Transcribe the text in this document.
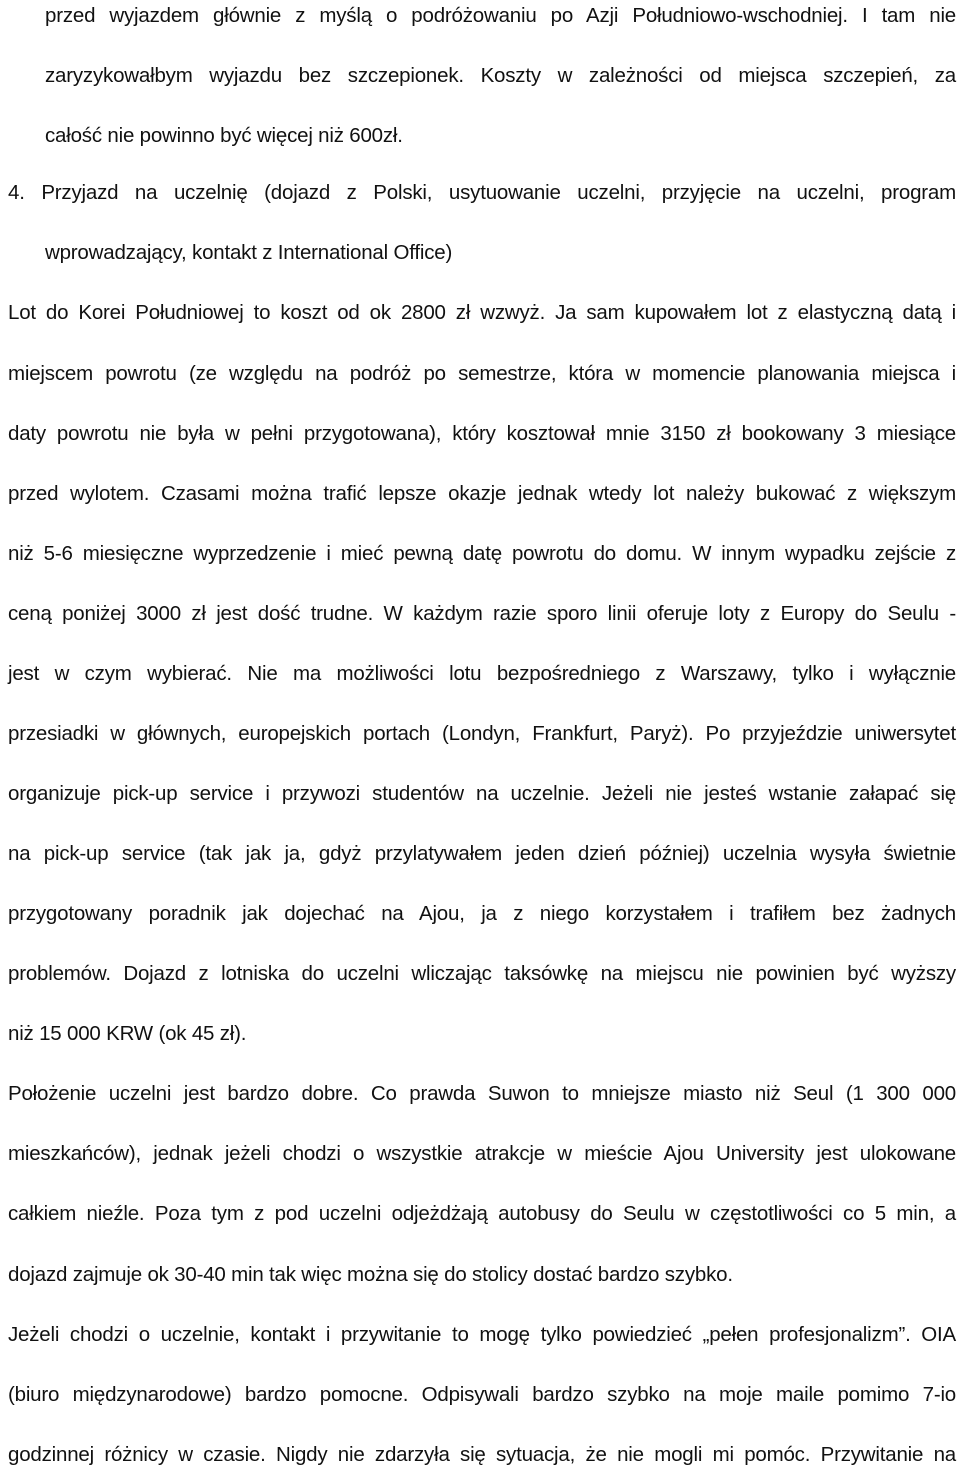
przed wyjazdem głównie z myślą o podróżowaniu po Azji Południowo-wschodniej. I tam nie
zaryzykowałbym wyjazdu bez szczepionek. Koszty w zależności od miejsca szczepień, za
całość nie powinno być więcej niż 600zł.
4. Przyjazd na uczelnię (dojazd z Polski, usytuowanie uczelni, przyjęcie na uczelni, program
wprowadzający, kontakt z International Office)
Lot do Korei Południowej to koszt od ok 2800 zł wzwyż. Ja sam kupowałem lot z elastyczną datą i
miejscem powrotu (ze względu na podróż po semestrze, która w momencie planowania miejsca i
daty powrotu nie była w pełni przygotowana), który kosztował mnie 3150 zł bookowany 3 miesiące
przed wylotem. Czasami można trafić lepsze okazje jednak wtedy lot należy bukować z większym
niż 5-6 miesięczne wyprzedzenie i mieć pewną datę powrotu do domu. W innym wypadku zejście z
ceną poniżej 3000 zł jest dość trudne. W każdym razie sporo linii oferuje loty z Europy do Seulu -
jest w czym wybierać. Nie ma możliwości lotu bezpośredniego z Warszawy, tylko i wyłącznie
przesiadki w głównych, europejskich portach (Londyn, Frankfurt, Paryż). Po przyjeździe uniwersytet
organizuje pick-up service i przywozi studentów na uczelnie. Jeżeli nie jesteś wstanie załapać się
na pick-up service (tak jak ja, gdyż przylatywałem jeden dzień później) uczelnia wysyła świetnie
przygotowany poradnik jak dojechać na Ajou, ja z niego korzystałem i trafiłem bez żadnych
problemów. Dojazd z lotniska do uczelni wliczając taksówkę na miejscu nie powinien być wyższy
niż 15 000 KRW (ok 45 zł).
Położenie uczelni jest bardzo dobre. Co prawda Suwon to mniejsze miasto niż Seul (1 300 000
mieszkańców), jednak jeżeli chodzi o wszystkie atrakcje w mieście Ajou University jest ulokowane
całkiem nieźle. Poza tym z pod uczelni odjeżdżają autobusy do Seulu w częstotliwości co 5 min, a
dojazd zajmuje ok 30-40 min tak więc można się do stolicy dostać bardzo szybko.
Jeżeli chodzi o uczelnie, kontakt i przywitanie to mogę tylko powiedzieć „pełen profesjonalizm”. OIA
(biuro międzynarodowe) bardzo pomocne. Odpisywali bardzo szybko na moje maile pomimo 7-io
godzinnej różnicy w czasie. Nigdy nie zdarzyła się sytuacja, że nie mogli mi pomóc. Przywitanie na
